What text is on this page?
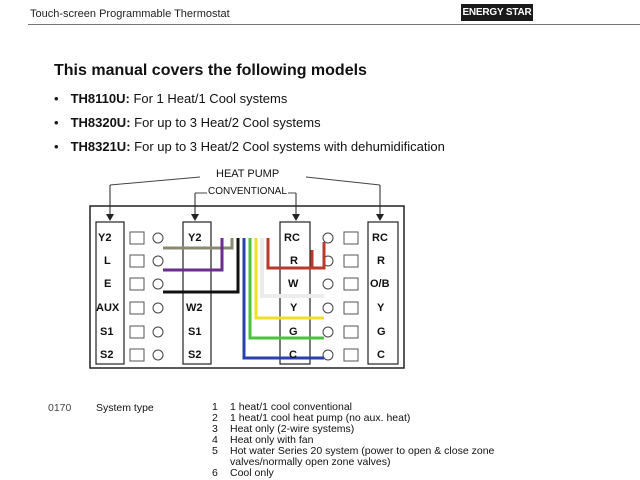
Touch-screen Programmable Thermostat	ENERGY STAR
This manual covers the following models
• TH8110U: For 1 Heat/1 Cool systems
• TH8320U: For up to 3 Heat/2 Cool systems
• TH8321U: For up to 3 Heat/2 Cool systems with dehumidification
Y2
L
E
AUX
S1
S2
Y2
W2
S1
S2
RC
R
W
Y
G
C
RC
R
O/B
Y
G
C
HEAT PUMP
CONVENTIONAL
0170 System type	1 1 heat/1 cool conventional
2 1 heat/1 cool heat pump (no aux. heat)
3 Heat only (2-wire systems)
4 Heat only with fan
5 Hot water Series 20 system (power to open & close zone
valves/normally open zone valves)
6 Cool only
